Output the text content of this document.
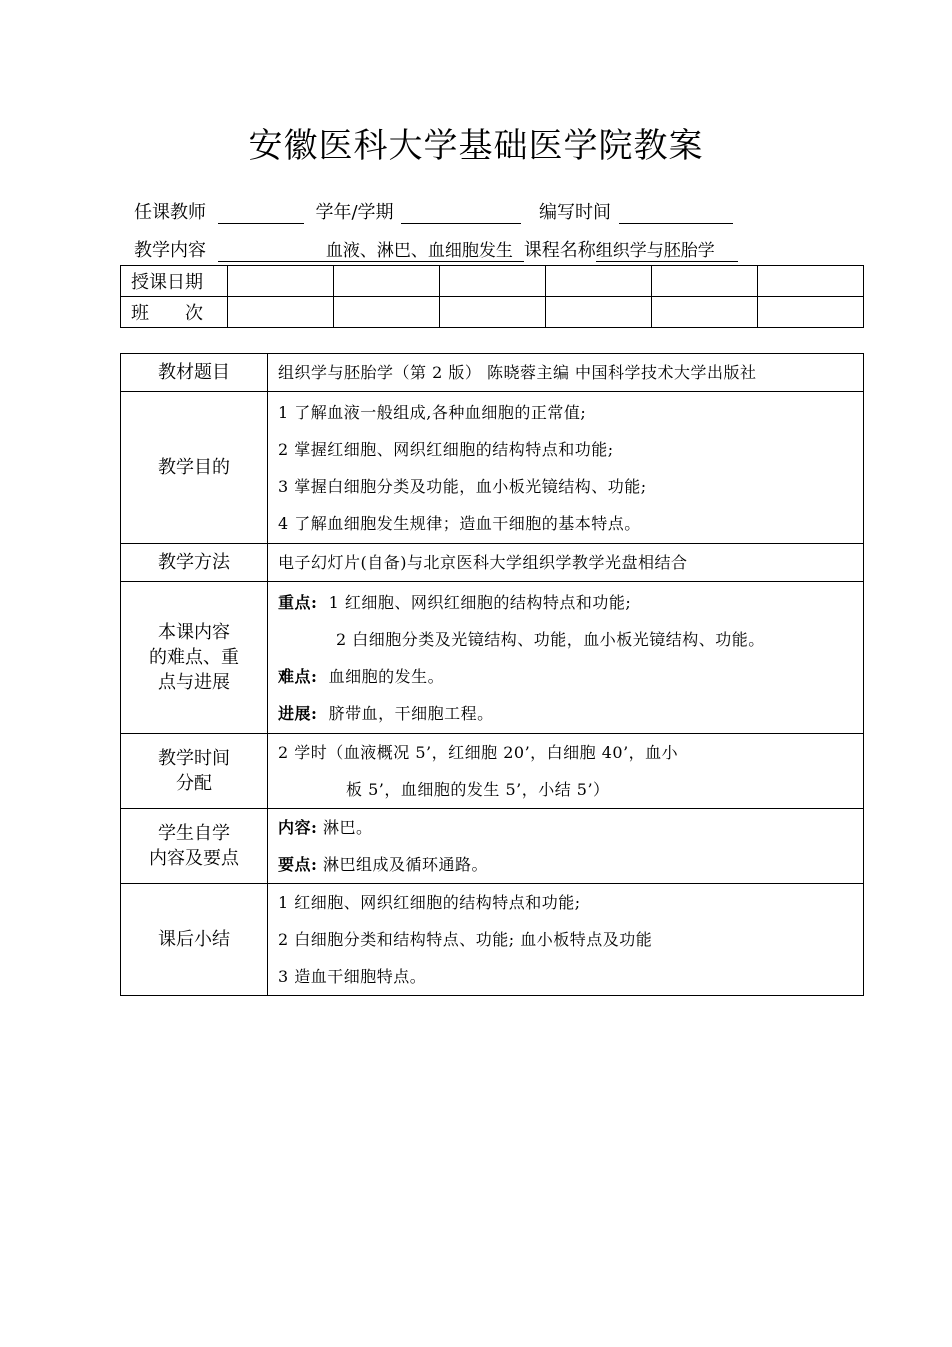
安徽医科大学基础医学院教案
任课教师	学年/学期	编写时间
教学内容	血液、淋巴、血细胞发生 课程名称组织学与胚胎学
授课日期						
班　　次						
教材题目	组织学与胚胎学（第 2 版） 陈晓蓉主编 中国科学技术大学出版社
教学目的	1 了解血液一般组成,各种血细胞的正常值;
2 掌握红细胞、网织红细胞的结构特点和功能;
3 掌握白细胞分类及功能，血小板光镜结构、功能;
4 了解血细胞发生规律；造血干细胞的基本特点。

教学方法	电子幻灯片(自备)与北京医科大学组织学教学光盘相结合

本课内容
的难点、重
点与进展	重点: 1 红细胞、网织红细胞的结构特点和功能;
2 白细胞分类及光镜结构、功能，血小板光镜结构、功能。
难点: 血细胞的发生。
进展: 脐带血，干细胞工程。

教学时间
分配	2 学时（血液概况 5’，红细胞 20’，白细胞 40’，血小
板 5’，血细胞的发生 5’，小结 5’）

学生自学
内容及要点	内容: 淋巴。
要点: 淋巴组成及循环通路。

课后小结	1 红细胞、网织红细胞的结构特点和功能;
2 白细胞分类和结构特点、功能; 血小板特点及功能
3 造血干细胞特点。
